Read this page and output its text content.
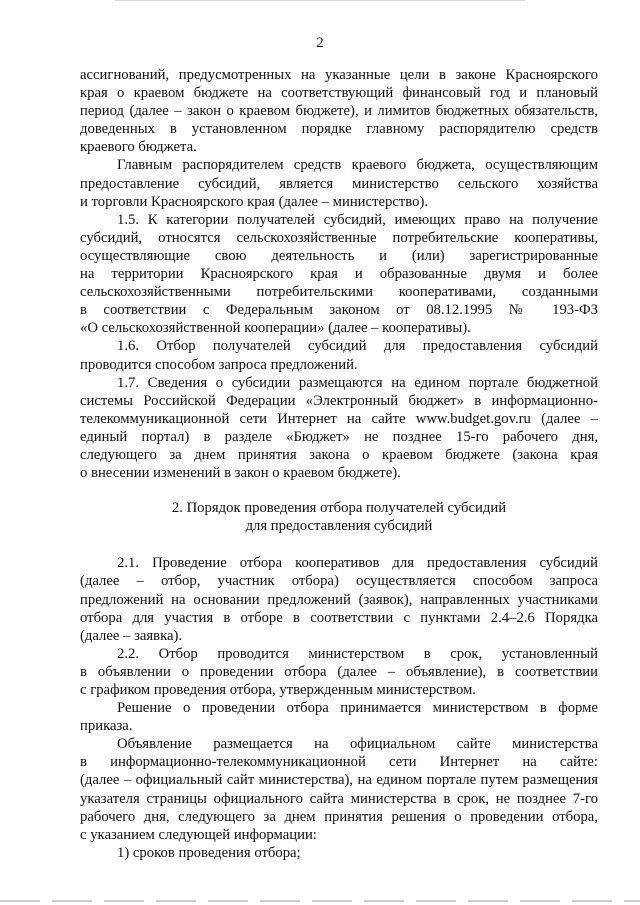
2
ассигнований, предусмотренных на указанные цели в законе Красноярского
края о краевом бюджете на соответствующий финансовый год и плановый
период (далее – закон о краевом бюджете), и лимитов бюджетных обязательств,
доведенных в установленном порядке главному распорядителю средств
краевого бюджета.
Главным распорядителем средств краевого бюджета, осуществляющим
предоставление субсидий, является министерство сельского хозяйства
и торговли Красноярского края (далее – министерство).
1.5. К категории получателей субсидий, имеющих право на получение
субсидий, относятся сельскохозяйственные потребительские кооперативы,
осуществляющие свою деятельность и (или) зарегистрированные
на территории Красноярского края и образованные двумя и более
сельскохозяйственными потребительскими кооперативами, созданными
в соответствии с Федеральным законом от 08.12.1995 № 193-ФЗ
«О сельскохозяйственной кооперации» (далее – кооперативы).
1.6. Отбор получателей субсидий для предоставления субсидий
проводится способом запроса предложений.
1.7. Сведения о субсидии размещаются на едином портале бюджетной
системы Российской Федерации «Электронный бюджет» в информационно-
телекоммуникационной сети Интернет на сайте www.budget.gov.ru (далее –
единый портал) в разделе «Бюджет» не позднее 15-го рабочего дня,
следующего за днем принятия закона о краевом бюджете (закона края
о внесении изменений в закон о краевом бюджете).
2. Порядок проведения отбора получателей субсидий
для предоставления субсидий
2.1. Проведение отбора кооперативов для предоставления субсидий
(далее – отбор, участник отбора) осуществляется способом запроса
предложений на основании предложений (заявок), направленных участниками
отбора для участия в отборе в соответствии с пунктами 2.4–2.6 Порядка
(далее – заявка).
2.2. Отбор проводится министерством в срок, установленный
в объявлении о проведении отбора (далее – объявление), в соответствии
с графиком проведения отбора, утвержденным министерством.
Решение о проведении отбора принимается министерством в форме
приказа.
Объявление размещается на официальном сайте министерства
в информационно-телекоммуникационной сети Интернет на сайте:
(далее – официальный сайт министерства), на едином портале путем размещения
указателя страницы официального сайта министерства в срок, не позднее 7-го
рабочего дня, следующего за днем принятия решения о проведении отбора,
с указанием следующей информации:
1) сроков проведения отбора;
